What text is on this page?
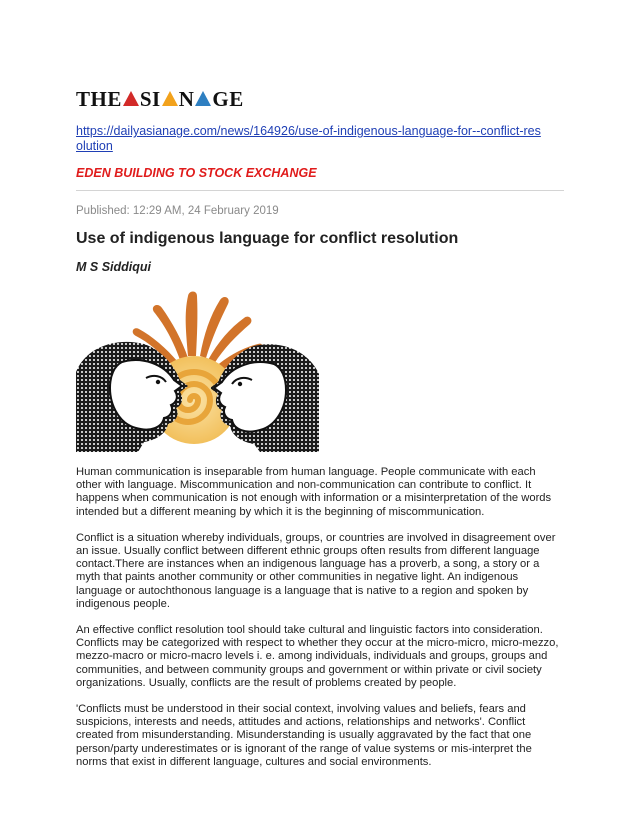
THE SI N GE
https://dailyasianage.com/news/164926/use-of-indigenous-language-for--conflict-resolution
EDEN BUILDING TO STOCK EXCHANGE
Published: 12:29 AM, 24 February 2019
Use of indigenous language for conflict resolution
M S Siddiqui

Human communication is inseparable from human language. People communicate with each other with language. Miscommunication and non-communication can contribute to conflict. It happens when communication is not enough with information or a misinterpretation of the words intended but a different meaning by which it is the beginning of miscommunication.

Conflict is a situation whereby individuals, groups, or countries are involved in disagreement over an issue. Usually conflict between different ethnic groups often results from different language contact.There are instances when an indigenous language has a proverb, a song, a story or a myth that paints another community or other communities in negative light. An indigenous language or autochthonous language is a language that is native to a region and spoken by indigenous people.

An effective conflict resolution tool should take cultural and linguistic factors into consideration. Conflicts may be categorized with respect to whether they occur at the micro-micro, micro-mezzo, mezzo-macro or micro-macro levels i. e. among individuals, individuals and groups, groups and communities, and between community groups and government or within private or civil society organizations. Usually, conflicts are the result of problems created by people.

'Conflicts must be understood in their social context, involving values and beliefs, fears and suspicions, interests and needs, attitudes and actions, relationships and networks'. Conflict created from misunderstanding. Misunderstanding is usually aggravated by the fact that one person/party underestimates or is ignorant of the range of value systems or mis-interpret the norms that exist in different language, cultures and social environments.
